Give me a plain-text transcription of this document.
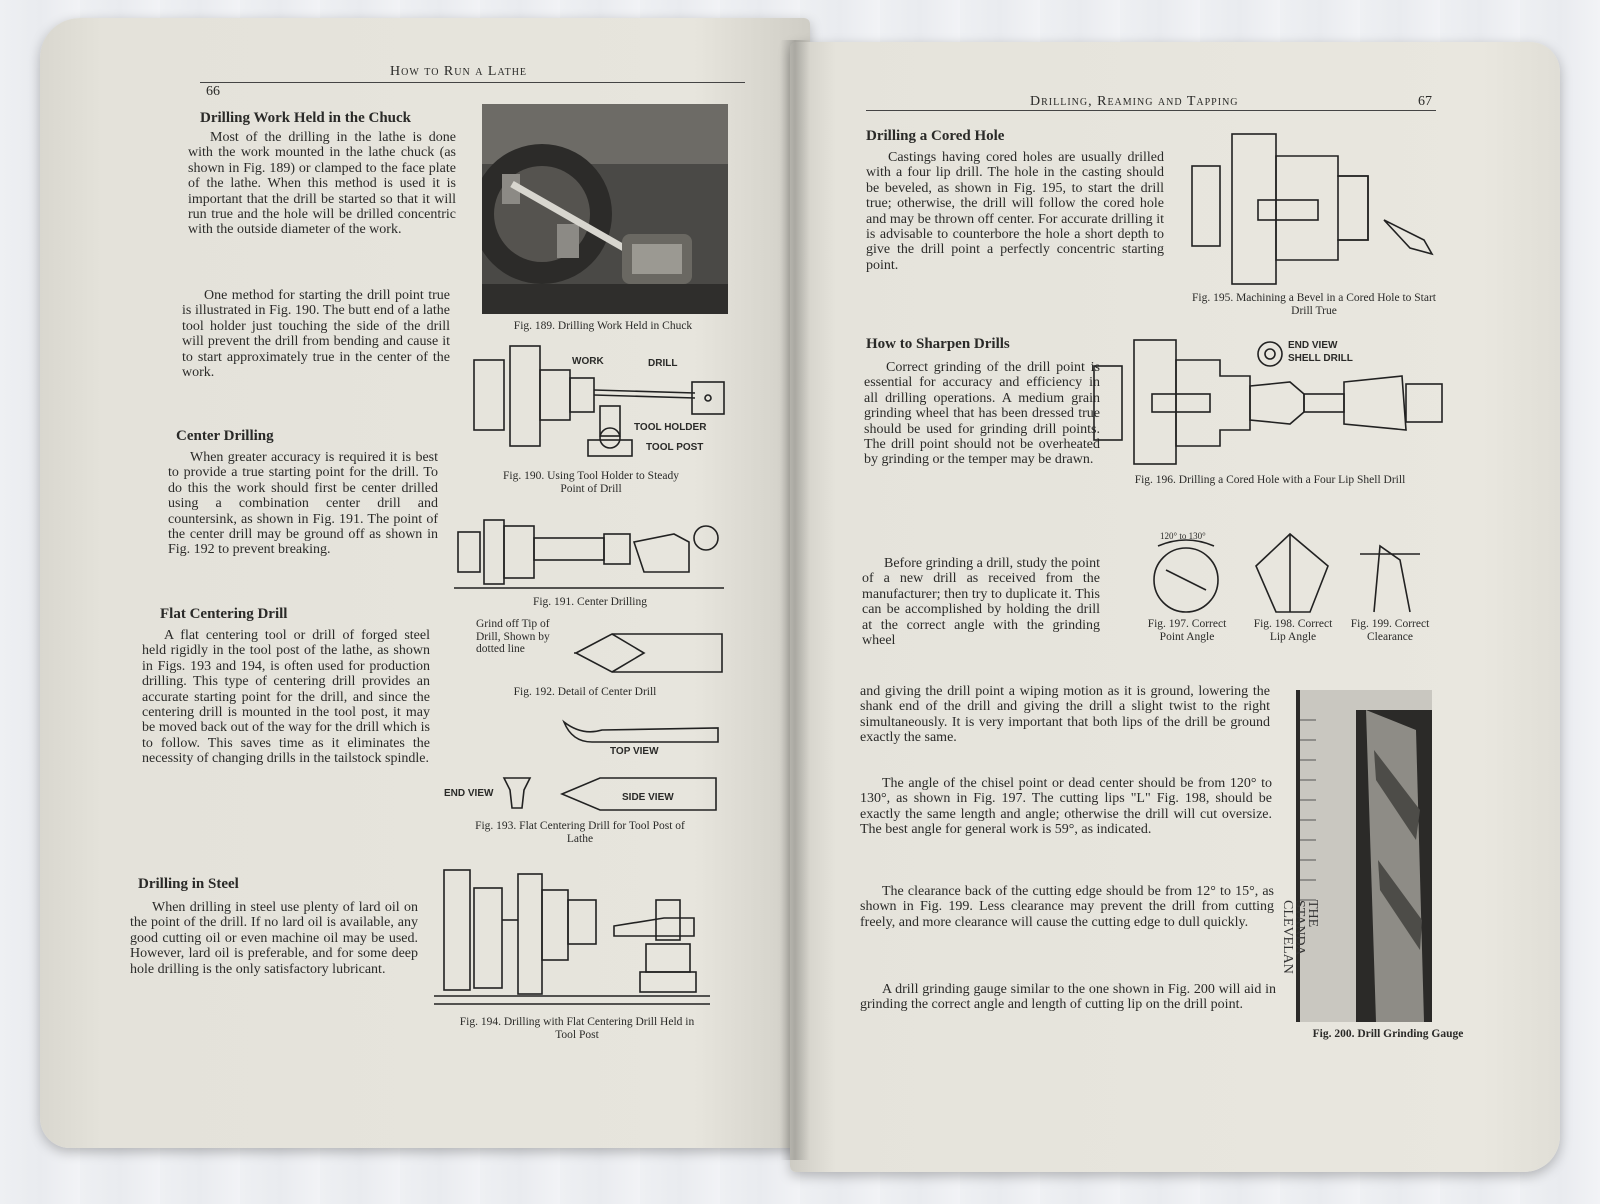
66
How to Run a Lathe
Drilling Work Held in the Chuck
Most of the drilling in the lathe is done with the work mounted in the lathe chuck (as shown in Fig. 189) or clamped to the face plate of the lathe. When this method is used it is important that the drill be started so that it will run true and the hole will be drilled concentric with the outside diameter of the work.
One method for starting the drill point true is illustrated in Fig. 190. The butt end of a lathe tool holder just touching the side of the drill will prevent the drill from bending and cause it to start approximately true in the center of the work.
Center Drilling
When greater accuracy is required it is best to provide a true starting point for the drill. To do this the work should first be center drilled using a combination center drill and countersink, as shown in Fig. 191. The point of the center drill may be ground off as shown in Fig. 192 to prevent breaking.
Flat Centering Drill
A flat centering tool or drill of forged steel held rigidly in the tool post of the lathe, as shown in Figs. 193 and 194, is often used for production drilling. This type of centering drill provides an accurate starting point for the drill, and since the centering drill is mounted in the tool post, it may be moved back out of the way for the drill which is to follow. This saves time as it eliminates the necessity of changing drills in the tailstock spindle.
Drilling in Steel
When drilling in steel use plenty of lard oil on the point of the drill. If no lard oil is available, any good cutting oil or even machine oil may be used. However, lard oil is preferable, and for some deep hole drilling is the only satisfactory lubricant.
Fig. 189. Drilling Work Held in Chuck
WORK	DRILL
TOOL HOLDER
TOOL POST
Fig. 190. Using Tool Holder to Steady Point of Drill
Fig. 191. Center Drilling
Grind off Tip of Drill, Shown by dotted line
Fig. 192. Detail of Center Drill
TOP VIEW
END VIEW	SIDE VIEW
Fig. 193. Flat Centering Drill for Tool Post of Lathe
Fig. 194. Drilling with Flat Centering Drill Held in Tool Post
Drilling, Reaming and Tapping	67
Drilling a Cored Hole
Castings having cored holes are usually drilled with a four lip drill. The hole in the casting should be beveled, as shown in Fig. 195, to start the drill true; otherwise, the drill will follow the cored hole and may be thrown off center. For accurate drilling it is advisable to counterbore the hole a short depth to give the drill point a perfectly concentric starting point.
Fig. 195. Machining a Bevel in a Cored Hole to Start Drill True
How to Sharpen Drills
Correct grinding of the drill point is essential for accuracy and efficiency in all drilling operations. A medium grain grinding wheel that has been dressed true should be used for grinding drill points. The drill point should not be overheated by grinding or the temper may be drawn.
Before grinding a drill, study the point of a new drill as received from the manufacturer; then try to duplicate it. This can be accomplished by holding the drill at the correct angle with the grinding wheel
and giving the drill point a wiping motion as it is ground, lowering the shank end of the drill and giving the drill a slight twist to the right simultaneously. It is very important that both lips of the drill be ground exactly the same.
The angle of the chisel point or dead center should be from 120° to 130°, as shown in Fig. 197. The cutting lips "L" Fig. 198, should be exactly the same length and angle; otherwise the drill will cut oversize. The best angle for general work is 59°, as indicated.
The clearance back of the cutting edge should be from 12° to 15°, as shown in Fig. 199. Less clearance may prevent the drill from cutting freely, and more clearance will cause the cutting edge to dull quickly.
A drill grinding gauge similar to the one shown in Fig. 200 will aid in grinding the correct angle and length of cutting lip on the drill point.
END VIEW
SHELL DRILL
Fig. 196. Drilling a Cored Hole with a Four Lip Shell Drill
120° to 130°
Fig. 197. Correct Point Angle
Fig. 198. Correct Lip Angle
Fig. 199. Correct Clearance
THE STANDA CLEVELAN
Fig. 200. Drill Grinding Gauge
